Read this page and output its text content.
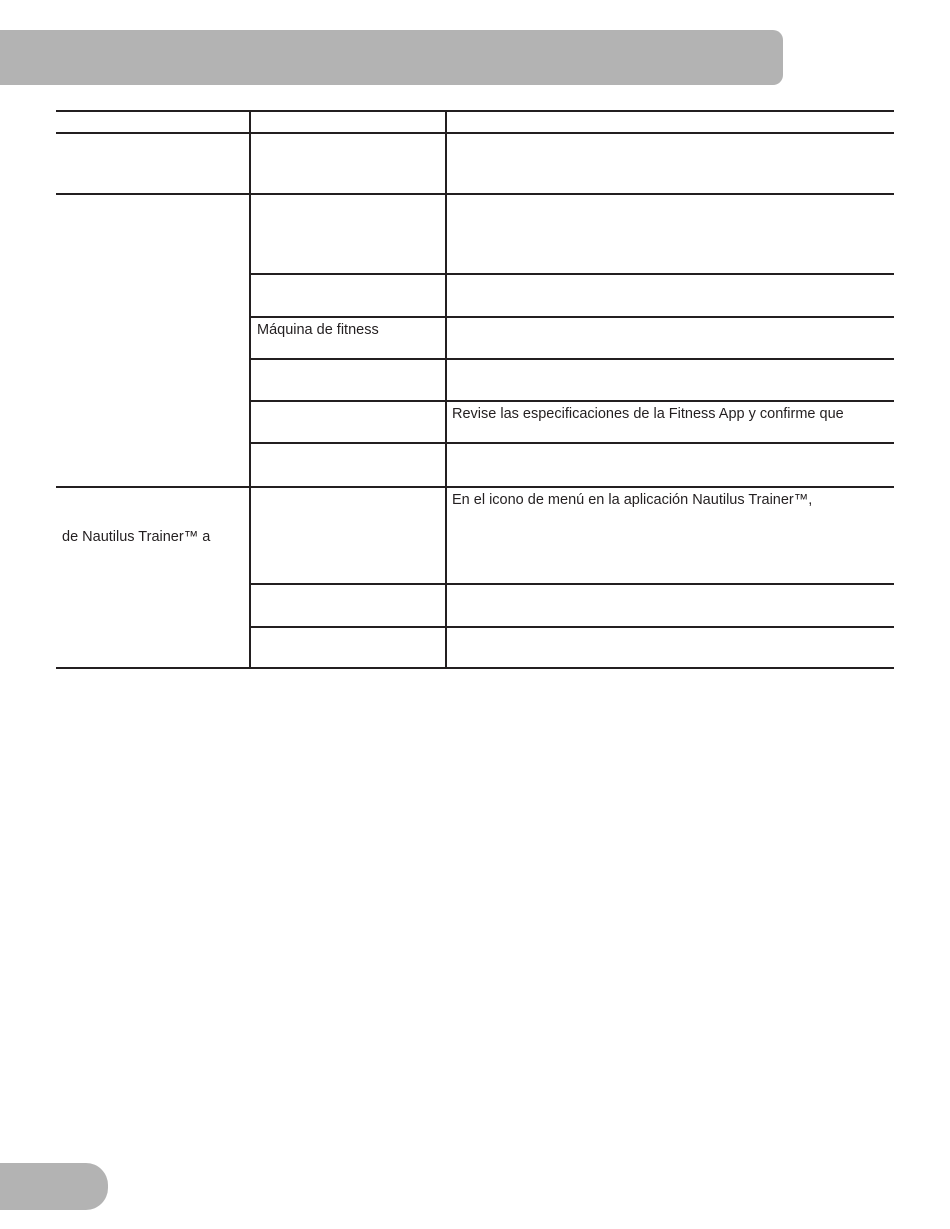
de Nautilus Trainer™ a
Máquina de fitness
Revise las especificaciones de la Fitness App y confirme que
En el icono de menú en la aplicación Nautilus Trainer™,
